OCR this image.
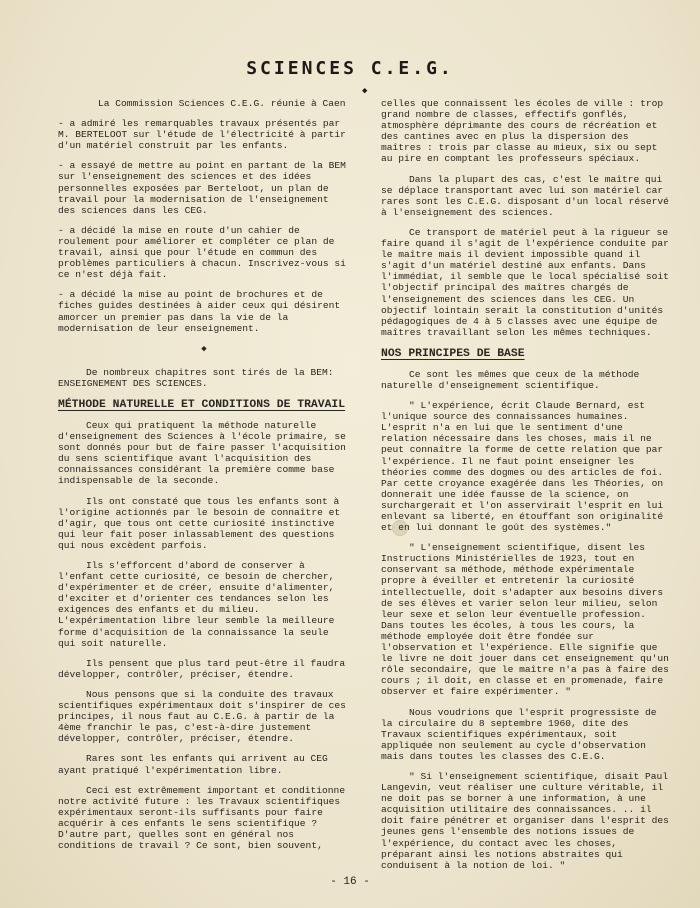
SCIENCES C.E.G.
◆

La Commission Sciences C.E.G. réunie à Caen

- a admiré les remarquables travaux présentés par M. BERTELOOT sur l'étude de l'électricité à partir d'un matériel construit par les enfants.

- a essayé de mettre au point en partant de la BEM sur l'enseignement des sciences et des idées personnelles exposées par Berteloot, un plan de travail pour la modernisation de l'enseignement des sciences dans les CEG.

- a décidé la mise en route d'un cahier de roulement pour améliorer et compléter ce plan de travail, ainsi que pour l'étude en commun des problèmes particuliers à chacun. Inscrivez-vous si ce n'est déjà fait.

- a décidé la mise au point de brochures et de fiches guides destinées à aider ceux qui désirent amorcer un premier pas dans la vie de la modernisation de leur enseignement.

◆

De nombreux chapitres sont tirés de la BEM: ENSEIGNEMENT DES SCIENCES.

MÉTHODE NATURELLE ET CONDITIONS DE TRAVAIL

Ceux qui pratiquent la méthode naturelle d'enseignement des Sciences à l'école primaire, se sont donnés pour but de faire passer l'acquisition du sens scientifique avant l'acquisition des connaissances considérant la première comme base indispensable de la seconde.

Ils ont constaté que tous les enfants sont à l'origine actionnés par le besoin de connaître et d'agir, que tous ont cette curiosité instinctive qui leur fait poser inlassablement des questions qui nous excèdent parfois.

Ils s'efforcent d'abord de conserver à l'enfant cette curiosité, ce besoin de chercher, d'expérimenter et de créer, ensuite d'alimenter, d'exciter et d'orienter ces tendances selon les exigences des enfants et du milieu. L'expérimentation libre leur semble la meilleure forme d'acquisition de la connaissance la seule qui soit naturelle.

Ils pensent que plus tard peut-être il faudra développer, contrôler, préciser, étendre.

Nous pensons que si la conduite des travaux scientifiques expérimentaux doit s'inspirer de ces principes, il nous faut au C.E.G. à partir de la 4ème franchir le pas, c'est-à-dire justement développer, contrôler, préciser, étendre.

Rares sont les enfants qui arrivent au CEG ayant pratiqué l'expérimentation libre.

Ceci est extrêmement important et conditionne notre activité future : les Travaux scientifiques expérimentaux seront-ils suffisants pour faire acquérir à ces enfants le sens scientifique ? D'autre part, quelles sont en général nos conditions de travail ? Ce sont, bien souvent,

celles que connaissent les écoles de ville : trop grand nombre de classes, effectifs gonflés, atmosphère déprimante des cours de récréation et des cantines avec en plus la dispersion des maîtres : trois par classe au mieux, six ou sept au pire en comptant les professeurs spéciaux.

Dans la plupart des cas, c'est le maître qui se déplace transportant avec lui son matériel car rares sont les C.E.G. disposant d'un local réservé à l'enseignement des sciences.

Ce transport de matériel peut à la rigueur se faire quand il s'agit de l'expérience conduite par le maître mais il devient impossible quand il s'agit d'un matériel destiné aux enfants. Dans l'immédiat, il semble que le local spécialisé soit l'objectif principal des maîtres chargés de l'enseignement des sciences dans les CEG. Un objectif lointain serait la constitution d'unités pédagogiques de 4 à 5 classes avec une équipe de maîtres travaillant selon les mêmes techniques.

NOS PRINCIPES DE BASE

Ce sont les mêmes que ceux de la méthode naturelle d'enseignement scientifique.

" L'expérience, écrit Claude Bernard, est l'unique source des connaissances humaines. L'esprit n'a en lui que le sentiment d'une relation nécessaire dans les choses, mais il ne peut connaître la forme de cette relation que par l'expérience. Il ne faut point enseigner les théories comme des dogmes ou des articles de foi. Par cette croyance exagérée dans les Théories, on donnerait une idée fausse de la science, on surchargerait et l'on asservirait l'esprit en lui enlevant sa liberté, en étouffant son originalité et en lui donnant le goût des systèmes."

" L'enseignement scientifique, disent les Instructions Ministérielles de 1923, tout en conservant sa méthode, méthode expérimentale propre à éveiller et entretenir la curiosité intellectuelle, doit s'adapter aux besoins divers de ses élèves et varier selon leur milieu, selon leur sexe et selon leur éventuelle profession. Dans toutes les écoles, à tous les cours, la méthode employée doit être fondée sur l'observation et l'expérience. Elle signifie que le livre ne doit jouer dans cet enseignement qu'un rôle secondaire, que le maître n'a pas à faire des cours ; il doit, en classe et en promenade, faire observer et faire expérimenter. "

Nous voudrions que l'esprit progressiste de la circulaire du 8 septembre 1960, dite des Travaux scientifiques expérimentaux, soit appliquée non seulement au cycle d'observation mais dans toutes les classes des C.E.G.

" Si l'enseignement scientifique, disait Paul Langevin, veut réaliser une culture véritable, il ne doit pas se borner à une information, à une acquisition utilitaire des connaissances. .. il doit faire pénétrer et organiser dans l'esprit des jeunes gens l'ensemble des notions issues de l'expérience, du contact avec les choses, préparant ainsi les notions abstraites qui conduisent à la notion de loi. "

- 16 -
